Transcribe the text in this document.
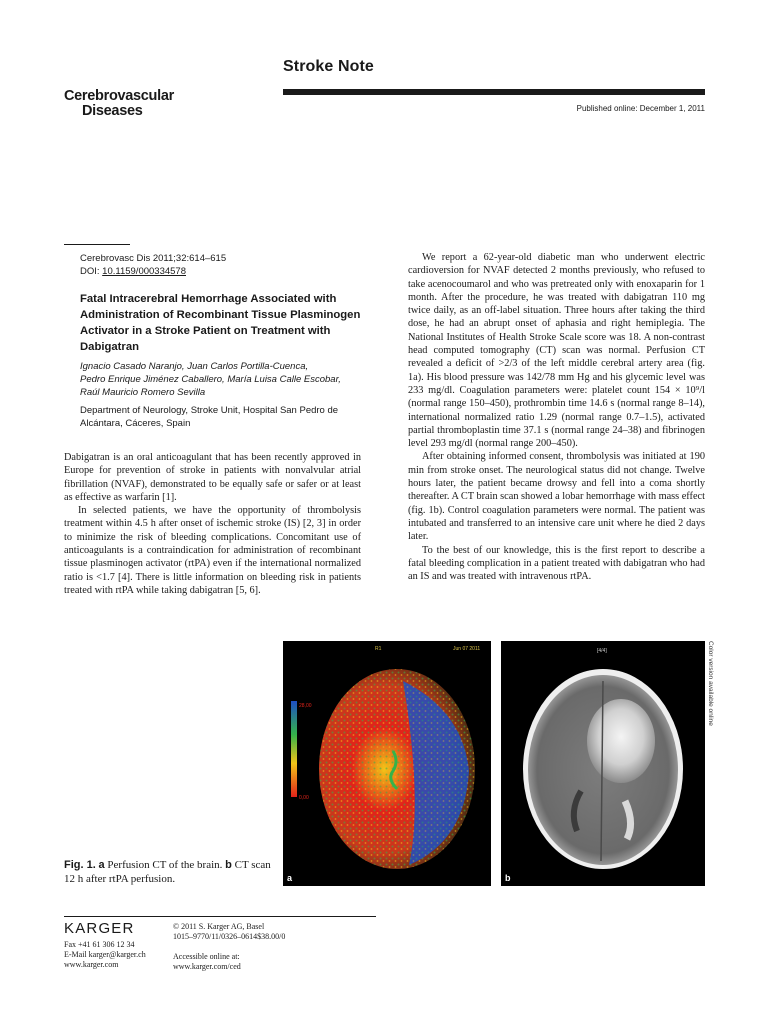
Stroke Note
Cerebrovascular
Diseases	Published online: December 1, 2011
Cerebrovasc Dis 2011;32:614–615
DOI: 10.1159/000334578
Fatal Intracerebral Hemorrhage Associated with Administration of Recombinant Tissue Plasminogen Activator in a Stroke Patient on Treatment with Dabigatran
Ignacio Casado Naranjo, Juan Carlos Portilla-Cuenca,
Pedro Enrique Jiménez Caballero, María Luisa Calle Escobar,
Raúl Mauricio Romero Sevilla
Department of Neurology, Stroke Unit, Hospital San Pedro de Alcántara, Cáceres, Spain

Dabigatran is an oral anticoagulant that has been recently approved in Europe for prevention of stroke in patients with nonvalvular atrial fibrillation (NVAF), demonstrated to be equally safe or safer or at least as effective as warfarin [1].

In selected patients, we have the opportunity of thrombolysis treatment within 4.5 h after onset of ischemic stroke (IS) [2, 3] in order to minimize the risk of bleeding complications. Concomitant use of anticoagulants is a contraindication for administration of recombinant tissue plasminogen activator (rtPA) even if the international normalized ratio is <1.7 [4]. There is little information on bleeding risk in patients treated with rtPA while taking dabigatran [5, 6].

We report a 62-year-old diabetic man who underwent electric cardioversion for NVAF detected 2 months previously, who refused to take acenocoumarol and who was pretreated only with enoxaparin for 1 month. After the procedure, he was treated with dabigatran 110 mg twice daily, as an off-label situation. Three hours after taking the third dose, he had an abrupt onset of aphasia and right hemiplegia. The National Institutes of Health Stroke Scale score was 18. A non-contrast head computed tomography (CT) scan was normal. Perfusion CT revealed a deficit of >2/3 of the left middle cerebral artery area (fig. 1a). His blood pressure was 142/78 mm Hg and his glycemic level was 233 mg/dl. Coagulation parameters were: platelet count 154 × 10⁹/l (normal range 150–450), prothrombin time 14.6 s (normal range 8–14), international normalized ratio 1.29 (normal range 0.7–1.5), activated partial thromboplastin time 37.1 s (normal range 24–38) and fibrinogen level 293 mg/dl (normal range 200–450).

After obtaining informed consent, thrombolysis was initiated at 190 min from stroke onset. The neurological status did not change. Twelve hours later, the patient became drowsy and fell into a coma shortly thereafter. A CT brain scan showed a lobar hemorrhage with mass effect (fig. 1b). Control coagulation parameters were normal. The patient was intubated and transferred to an intensive care unit where he died 2 days later.

To the best of our knowledge, this is the first report to describe a fatal bleeding complication in a patient treated with dabigatran who had an IS and was treated with intravenous rtPA.

R1	Jun 07 2011
28,00
0,00
a
[4/4]
b
Color version available online
Fig. 1. a Perfusion CT of the brain. b CT scan 12 h after rtPA perfusion.
KARGER
Fax +41 61 306 12 34
E-Mail karger@karger.ch
www.karger.com
© 2011 S. Karger AG, Basel
1015–9770/11/0326–0614$38.00/0
Accessible online at:
www.karger.com/ced
